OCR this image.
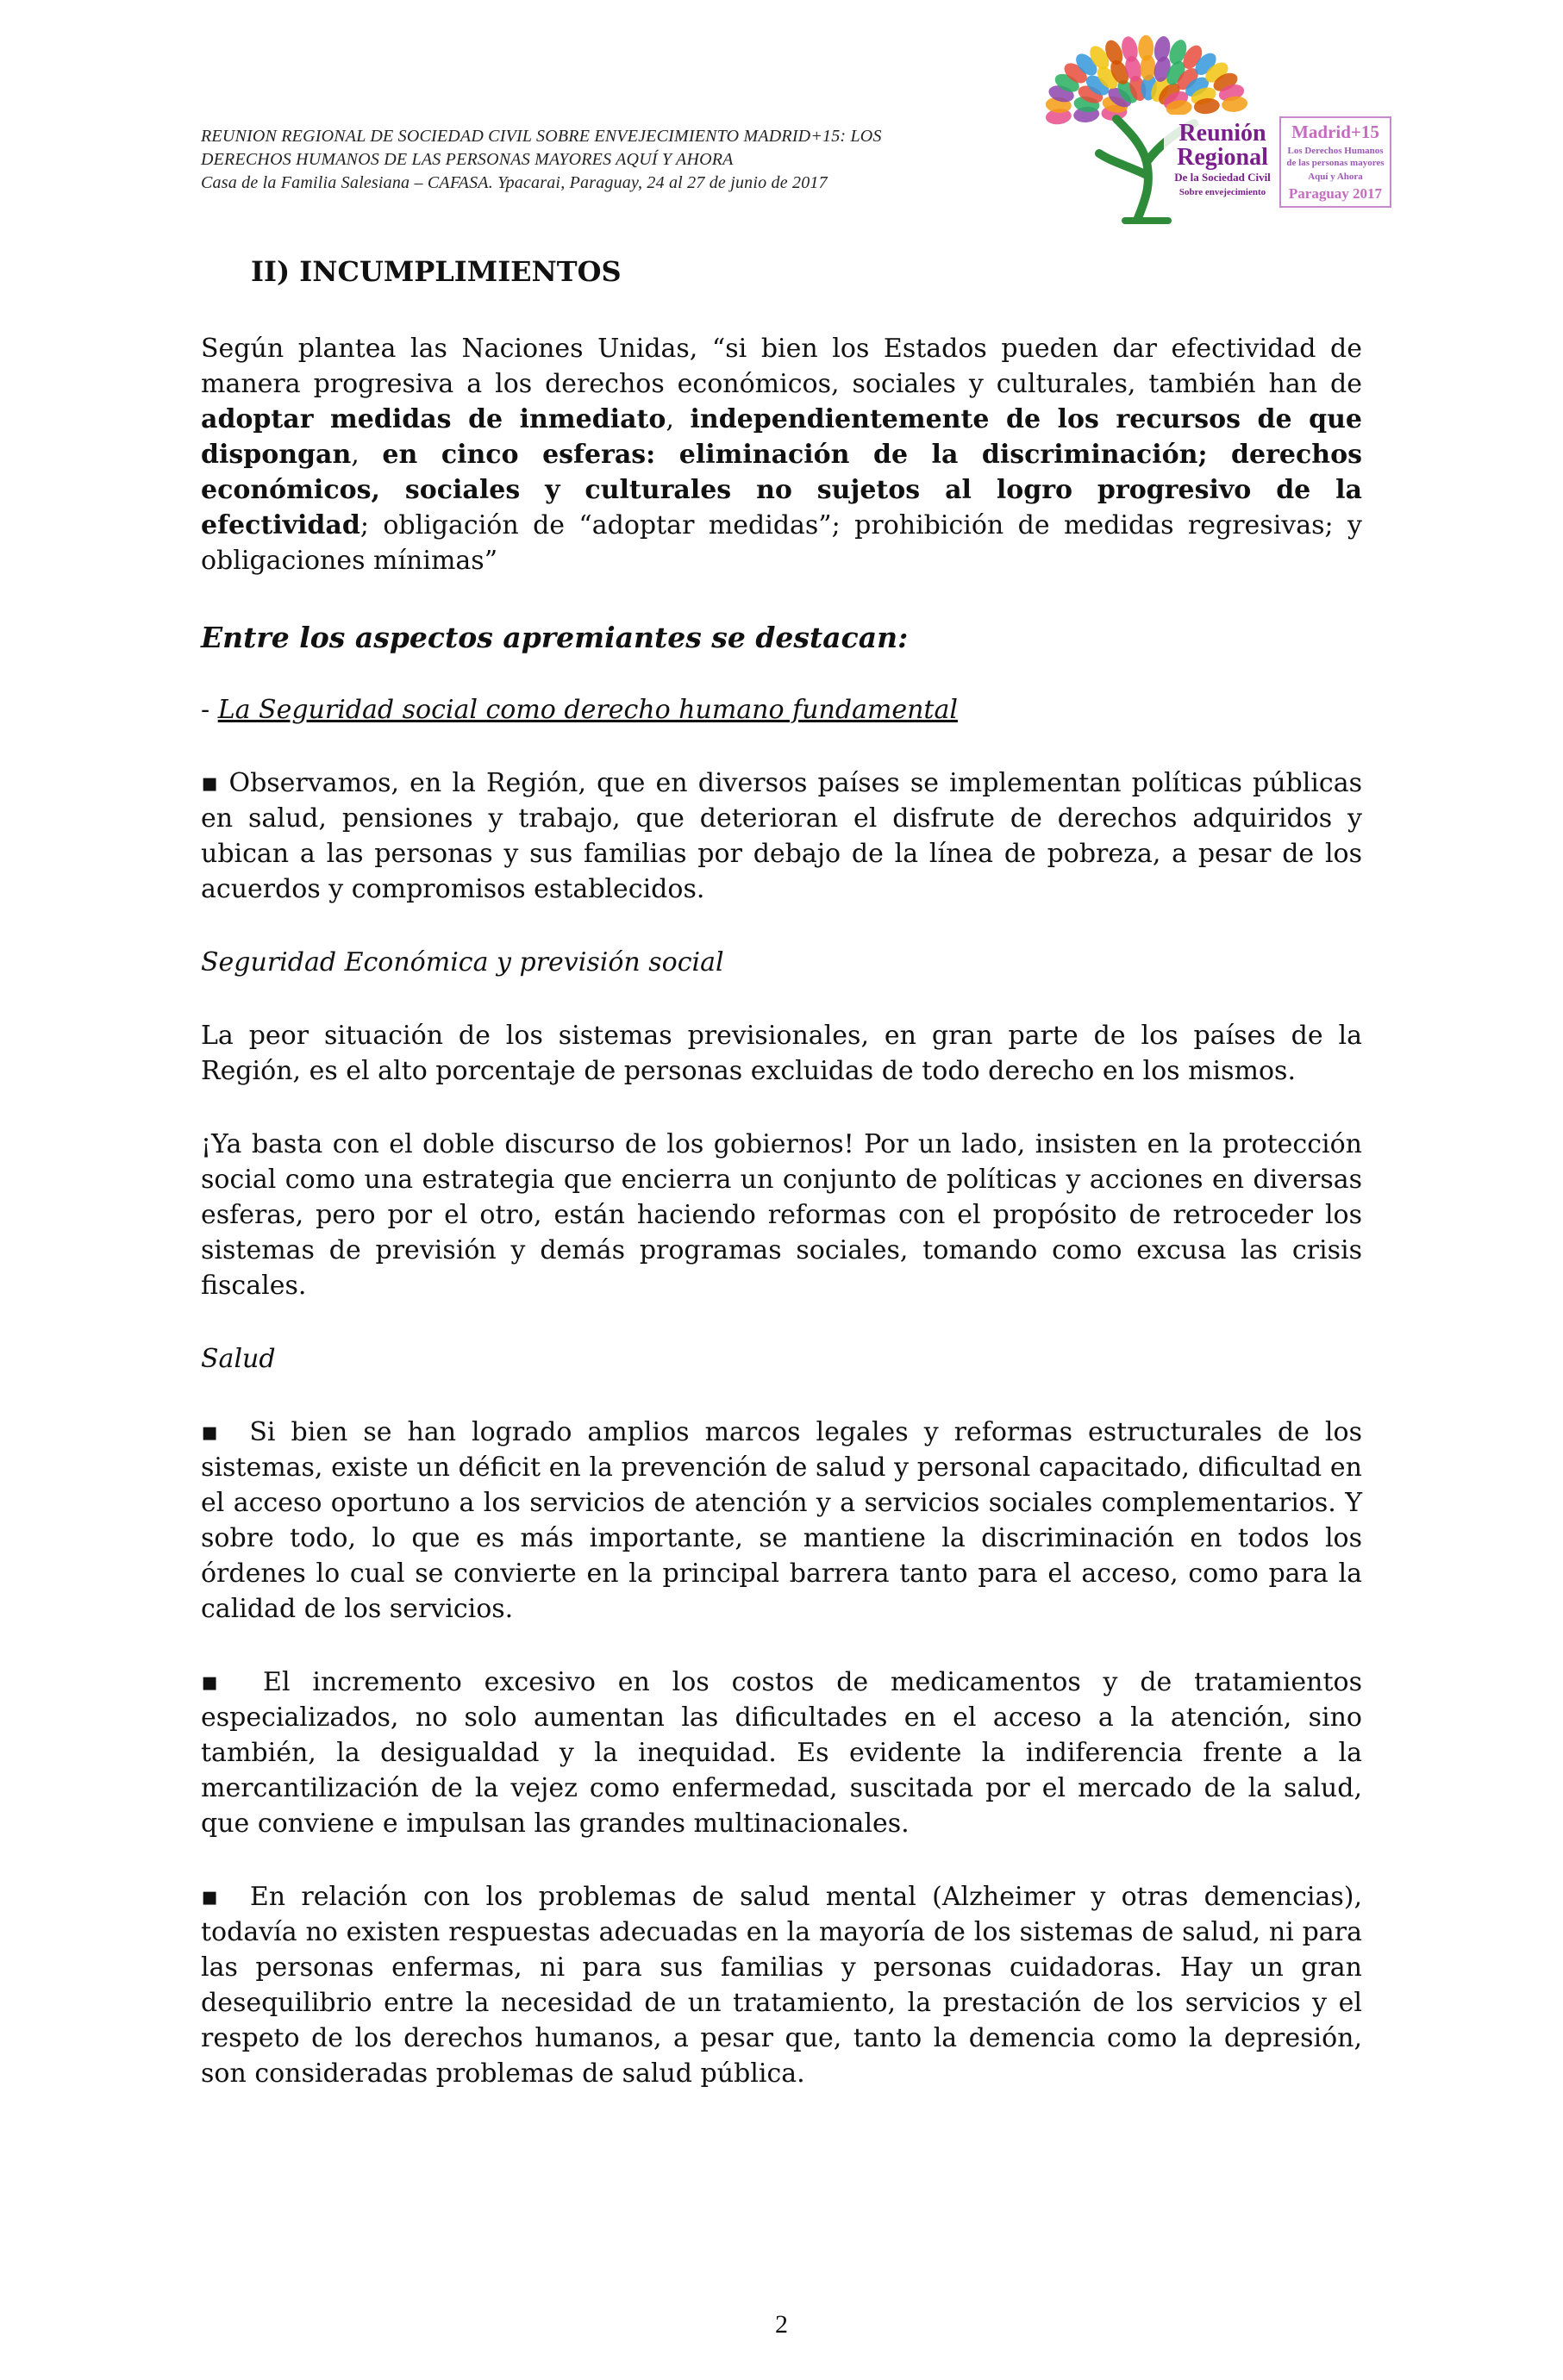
REUNION REGIONAL DE SOCIEDAD CIVIL SOBRE ENVEJECIMIENTO MADRID+15: LOS
DERECHOS HUMANOS DE LAS PERSONAS MAYORES AQUÍ Y AHORA
Casa de la Familia Salesiana – CAFASA. Ypacarai, Paraguay, 24 al 27 de junio de 2017
Reunión
Regional
De la Sociedad Civil
Sobre envejecimiento
Madrid+15
Los Derechos Humanos
de las personas mayores
Aquí y Ahora
Paraguay 2017
II) INCUMPLIMIENTOS

Según plantea las Naciones Unidas, “si bien los Estados pueden dar efectividad de manera progresiva a los derechos económicos, sociales y culturales, también han de adoptar medidas de inmediato, independientemente de los recursos de que dispongan, en cinco esferas: eliminación de la discriminación; derechos económicos, sociales y culturales no sujetos al logro progresivo de la efectividad; obligación de “adoptar medidas”; prohibición de medidas regresivas; y obligaciones mínimas”

Entre los aspectos apremiantes se destacan:

- La Seguridad social como derecho humano fundamental

▪ Observamos, en la Región, que en diversos países se implementan políticas públicas en salud, pensiones y trabajo, que deterioran el disfrute de derechos adquiridos y ubican a las personas y sus familias por debajo de la línea de pobreza, a pesar de los acuerdos y compromisos establecidos.

Seguridad Económica y previsión social

La peor situación de los sistemas previsionales, en gran parte de los países de la Región, es el alto porcentaje de personas excluidas de todo derecho en los mismos.

¡Ya basta con el doble discurso de los gobiernos! Por un lado, insisten en la protección social como una estrategia que encierra un conjunto de políticas y acciones en diversas esferas, pero por el otro, están haciendo reformas con el propósito de retroceder los sistemas de previsión y demás programas sociales, tomando como excusa las crisis fiscales.

Salud

▪ Si bien se han logrado amplios marcos legales y reformas estructurales de los sistemas, existe un déficit en la prevención de salud y personal capacitado, dificultad en el acceso oportuno a los servicios de atención y a servicios sociales complementarios. Y sobre todo, lo que es más importante, se mantiene la discriminación en todos los órdenes lo cual se convierte en la principal barrera tanto para el acceso, como para la calidad de los servicios.

▪ El incremento excesivo en los costos de medicamentos y de tratamientos especializados, no solo aumentan las dificultades en el acceso a la atención, sino también, la desigualdad y la inequidad. Es evidente la indiferencia frente a la mercantilización de la vejez como enfermedad, suscitada por el mercado de la salud, que conviene e impulsan las grandes multinacionales.

▪ En relación con los problemas de salud mental (Alzheimer y otras demencias), todavía no existen respuestas adecuadas en la mayoría de los sistemas de salud, ni para las personas enfermas, ni para sus familias y personas cuidadoras. Hay un gran desequilibrio entre la necesidad de un tratamiento, la prestación de los servicios y el respeto de los derechos humanos, a pesar que, tanto la demencia como la depresión, son consideradas problemas de salud pública.

2
